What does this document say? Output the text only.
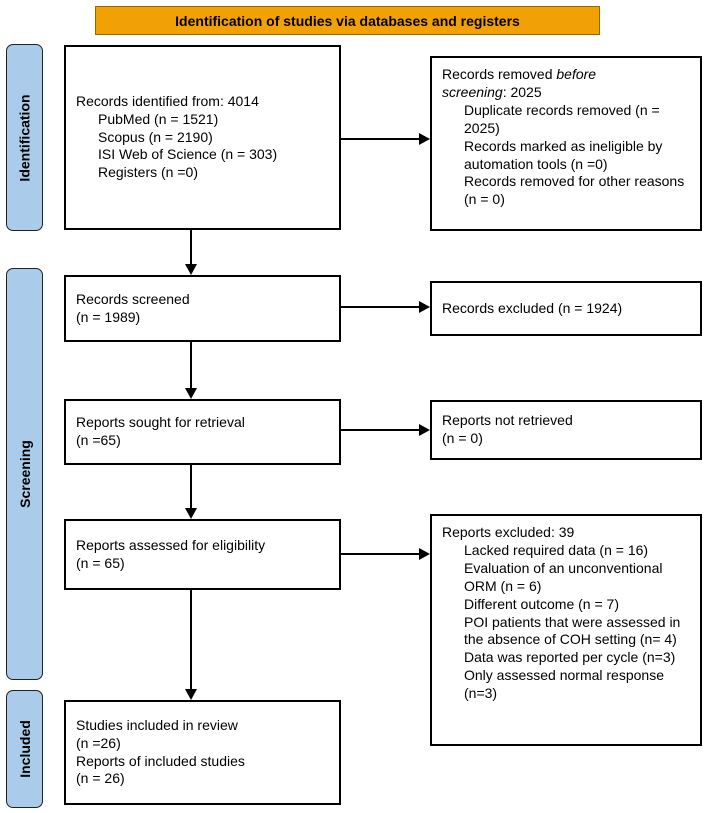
Identification of studies via databases and registers
Identification
Screening
Included
Records identified from: 4014
PubMed (n = 1521)
Scopus (n = 2190)
ISI Web of Science (n = 303)
Registers (n =0)
Records removed before screening: 2025
Duplicate records removed (n = 2025)
Records marked as ineligible by automation tools (n =0)
Records removed for other reasons (n = 0)
Records screened
(n = 1989)
Records excluded (n = 1924)
Reports sought for retrieval
(n =65)
Reports not retrieved
(n = 0)
Reports assessed for eligibility
(n = 65)
Reports excluded: 39
Lacked required data (n = 16)
Evaluation of an unconventional ORM (n = 6)
Different outcome (n = 7)
POI patients that were assessed in the absence of COH setting (n= 4)
Data was reported per cycle (n=3)
Only assessed normal response (n=3)
Studies included in review
(n =26)
Reports of included studies
(n = 26)
